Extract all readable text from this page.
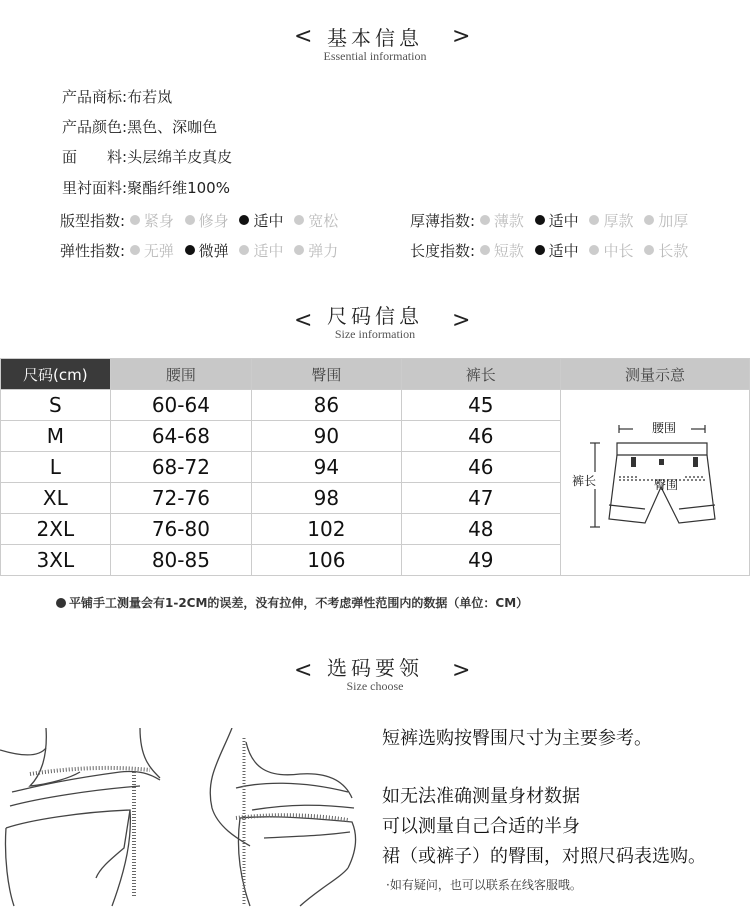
< 基本信息
Essential information
>
产品商标:布若岚
产品颜色:黑色、深咖色
面　　料:头层绵羊皮真皮
里衬面料:聚酯纤维100%
版型指数: 紧身 修身 适中 宽松	厚薄指数: 薄款 适中 厚款 加厚
弹性指数: 无弹 微弹 适中 弹力	长度指数: 短款 适中 中长 长款
< 尺码信息
Size information
>
尺码(cm)	腰围	臀围	裤长	测量示意
S	60-64	86	45	腰围
臀围
裤长

M	64-68	90	46	
L	68-72	94	46	
XL	72-76	98	47	
2XL	76-80	102	48	
3XL	80-85	106	49	
平铺手工测量会有1-2CM的误差，没有拉伸，不考虑弹性范围内的数据（单位：CM）
< 选码要领
Size choose
>
短裤选购按臀围尺寸为主要参考。
如无法准确测量身材数据
可以测量自己合适的半身
裙（或裤子）的臀围，对照尺码表选购。
·如有疑问，也可以联系在线客服哦。
